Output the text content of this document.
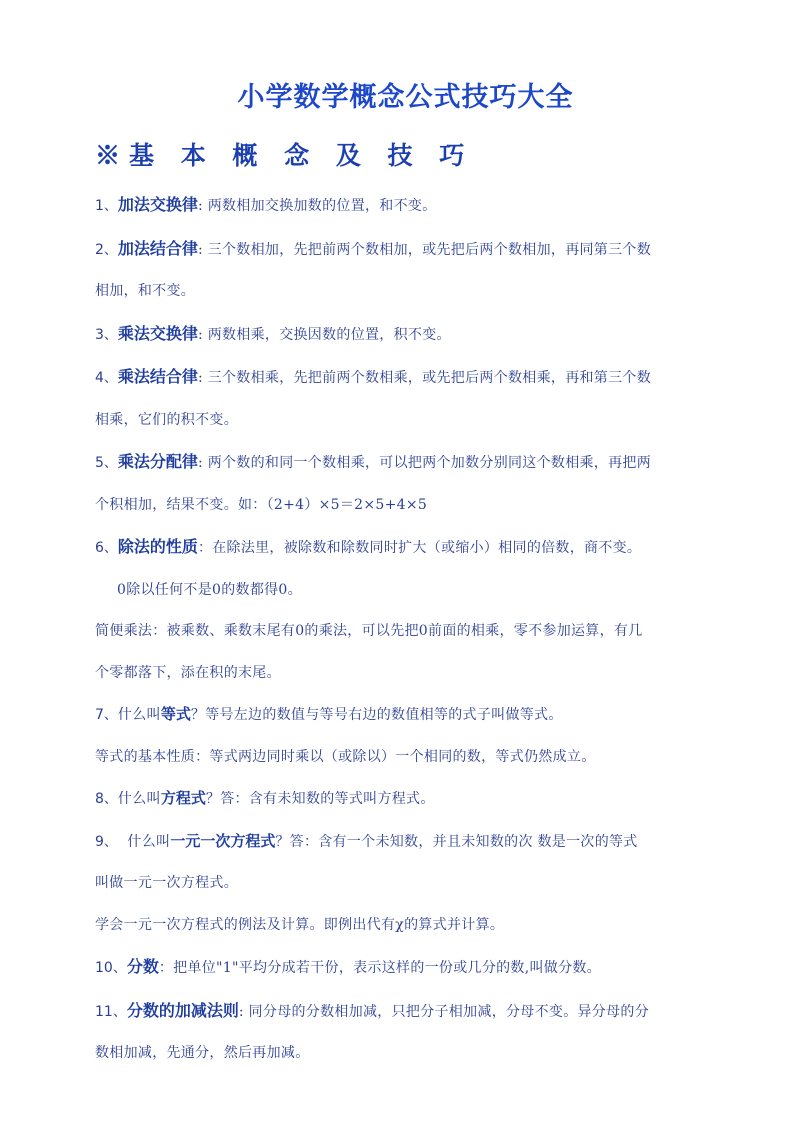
小学数学概念公式技巧大全
※基 本 概 念 及 技 巧

1、加法交换律: 两数相加交换加数的位置，和不变。

2、加法结合律: 三个数相加，先把前两个数相加，或先把后两个数相加，再同第三个数

相加，和不变。

3、乘法交换律: 两数相乘，交换因数的位置，积不变。

4、乘法结合律: 三个数相乘，先把前两个数相乘，或先把后两个数相乘，再和第三个数

相乘，它们的积不变。

5、乘法分配律: 两个数的和同一个数相乘，可以把两个加数分别同这个数相乘，再把两

个积相加，结果不变。如：（2+4）×5＝2×5+4×5

6、除法的性质：在除法里，被除数和除数同时扩大（或缩小）相同的倍数，商不变。

0除以任何不是0的数都得0。

简便乘法：被乘数、乘数末尾有0的乘法，可以先把0前面的相乘，零不参加运算，有几

个零都落下，添在积的末尾。

7、什么叫等式？等号左边的数值与等号右边的数值相等的式子叫做等式。

等式的基本性质：等式两边同时乘以（或除以）一个相同的数，等式仍然成立。

8、什么叫方程式？答：含有未知数的等式叫方程式。

9、  什么叫一元一次方程式？答：含有一个未知数，并且未知数的次 数是一次的等式

叫做一元一次方程式。

学会一元一次方程式的例法及计算。即例出代有χ的算式并计算。

10、分数：把单位"1"平均分成若干份，表示这样的一份或几分的数,叫做分数。

11、分数的加减法则: 同分母的分数相加减，只把分子相加减，分母不变。异分母的分

数相加减，先通分，然后再加减。
